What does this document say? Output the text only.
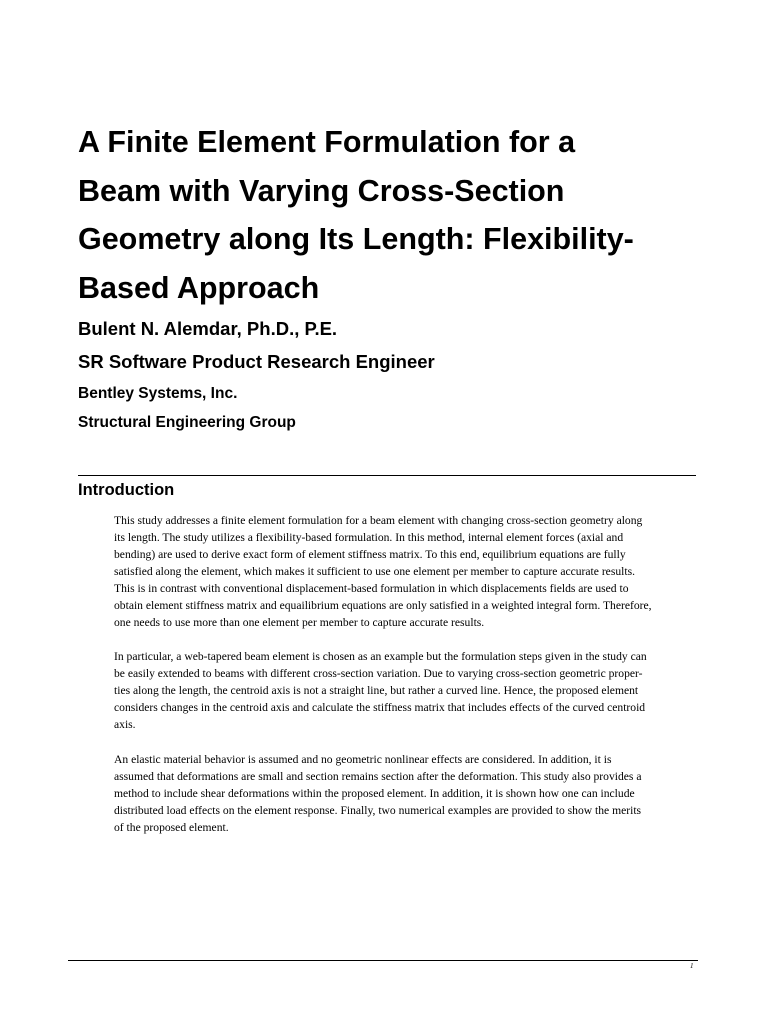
A Finite Element Formulation for a
Beam with Varying Cross-Section
Geometry along Its Length: Flexibility-
Based Approach

Bulent N. Alemdar, Ph.D., P.E.

SR Software Product Research Engineer

Bentley Systems, Inc.

Structural Engineering Group

Introduction

This study addresses a finite element formulation for a beam element with changing cross-section geometry along
its length. The study utilizes a flexibility-based formulation. In this method, internal element forces (axial and
bending) are used to derive exact form of element stiffness matrix. To this end, equilibrium equations are fully
satisfied along the element, which makes it sufficient to use one element per member to capture accurate results.
This is in contrast with conventional displacement-based formulation in which displacements fields are used to
obtain element stiffness matrix and equailibrium equations are only satisfied in a weighted integral form. Therefore,
one needs to use more than one element per member to capture accurate results.

In particular, a web-tapered beam element is chosen as an example but the formulation steps given in the study can
be easily extended to beams with different cross-section variation. Due to varying cross-section geometric proper-
ties along the length, the centroid axis is not a straight line, but rather a curved line. Hence, the proposed element
considers changes in the centroid axis and calculate the stiffness matrix that includes effects of the curved centroid
axis.

An elastic material behavior is assumed and no geometric nonlinear effects are considered. In addition, it is
assumed that deformations are small and section remains section after the deformation. This study also provides a
method to include shear deformations within the proposed element. In addition, it is shown how one can include
distributed load effects on the element response. Finally, two numerical examples are provided to show the merits
of the proposed element.

1
